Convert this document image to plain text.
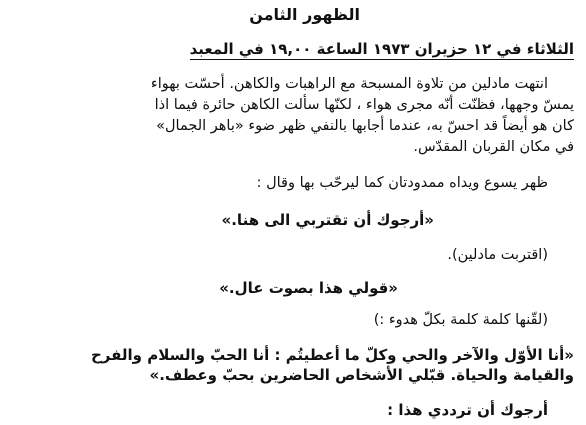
الظهور الثامن
الثلاثاء في ١٢ حزيران ١٩٧٣ الساعة ١٩,٠٠ في المعبد
انتهت مادلين من تلاوة المسبحة مع الراهبات والكاهن. أحسّت بهواء
يمسّ وجهها، فظنّت أنّه مجرى هواء ، لكنّها سألت الكاهن حائرة فيما اذا
كان هو أيضاً قد احسّ به، عندما أجابها بالنفي ظهر ضوء «باهر الجمال»
في مكان القربان المقدّس.
ظهر يسوع ويداه ممدودتان كما ليرحّب بها وقال :
«أرجوك أن تقتربي الى هنا.»
(اقتربت مادلين).
«قولي هذا بصوت عال.»
(لقّنها كلمة كلمة بكلّ هدوء :)
«أنا الأوّل والآخر والحي وكلّ ما أعطيتُم : أنا الحبّ والسلام والفرح
والقيامة والحياة. قبّلي الأشخاص الحاضرين بحبّ وعطف.»
أرجوك أن ترددي هذا :
